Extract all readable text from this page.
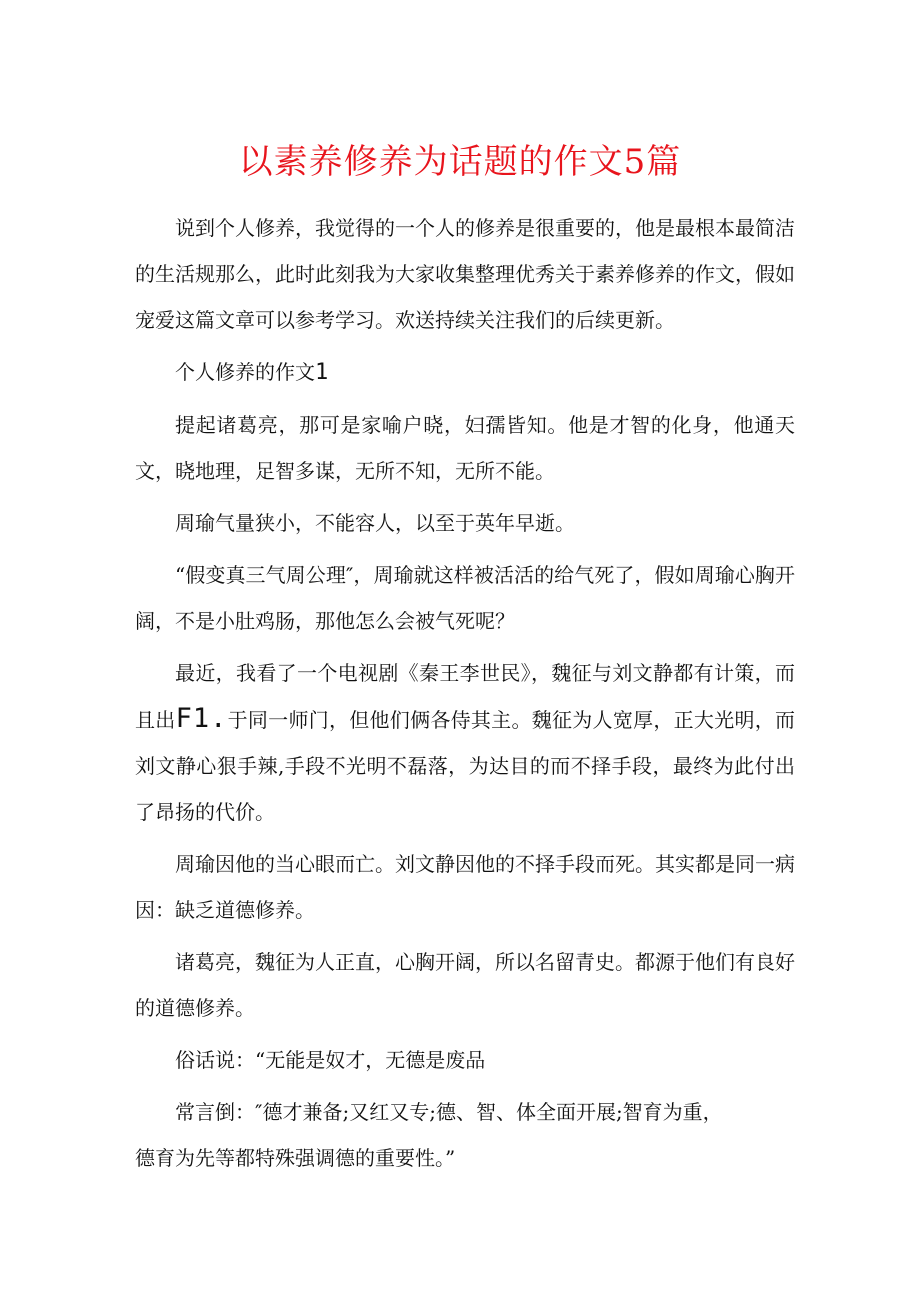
以素养修养为话题的作文5篇

说到个人修养，我觉得的一个人的修养是很重要的，他是最根本最简洁的生活规那么，此时此刻我为大家收集整理优秀关于素养修养的作文，假如宠爱这篇文章可以参考学习。欢送持续关注我们的后续更新。

个人修养的作文1

提起诸葛亮，那可是家喻户晓，妇孺皆知。他是才智的化身，他通天文，晓地理，足智多谋，无所不知，无所不能。

周瑜气量狭小，不能容人，以至于英年早逝。

“假变真三气周公理″，周瑜就这样被活活的给气死了，假如周瑜心胸开阔，不是小肚鸡肠，那他怎么会被气死呢？

最近，我看了一个电视剧《秦王李世民》，魏征与刘文静都有计策，而且出F1.于同一师门，但他们俩各侍其主。魏征为人宽厚，正大光明，而刘文静心狠手辣,手段不光明不磊落，为达目的而不择手段，最终为此付出了昂扬的代价。

周瑜因他的当心眼而亡。刘文静因他的不择手段而死。其实都是同一病因：缺乏道德修养。

诸葛亮，魏征为人正直，心胸开阔，所以名留青史。都源于他们有良好的道德修养。

俗话说：“无能是奴才，无德是废品

常言倒：″德才兼备;又红又专;德、智、体全面开展;智育为重，

德育为先等都特殊强调德的重要性。”
